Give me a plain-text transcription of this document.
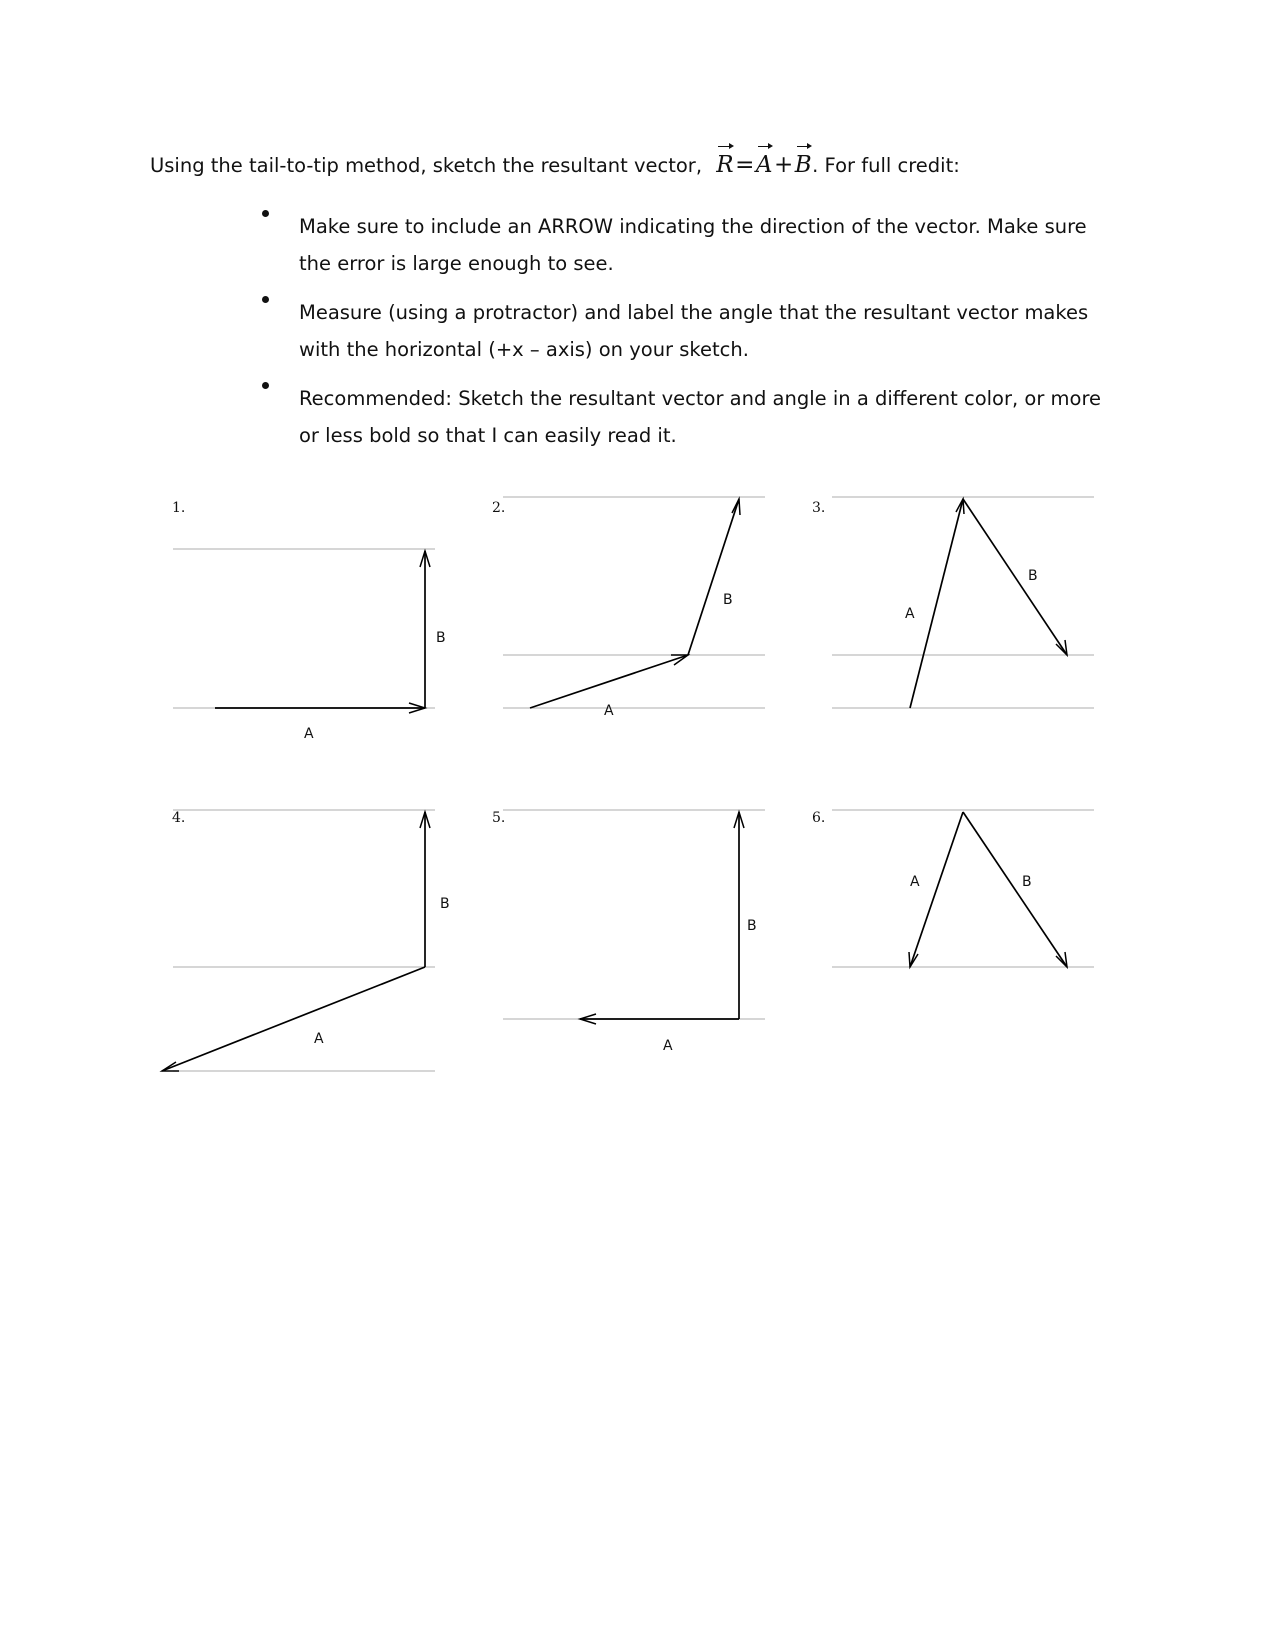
Using the tail-to-tip method, sketch the resultant vector, R=A+B. For full credit:
Make sure to include an ARROW indicating the direction of the vector. Make sure the error is large enough to see.
Measure (using a protractor) and label the angle that the resultant vector makes with the horizontal (+x – axis) on your sketch.
Recommended: Sketch the resultant vector and angle in a different color, or more or less bold so that I can easily read it.
1.
A
B
2.
A
B
3.
A
B
4.
A
B
5.
A
B
6.
A	B
